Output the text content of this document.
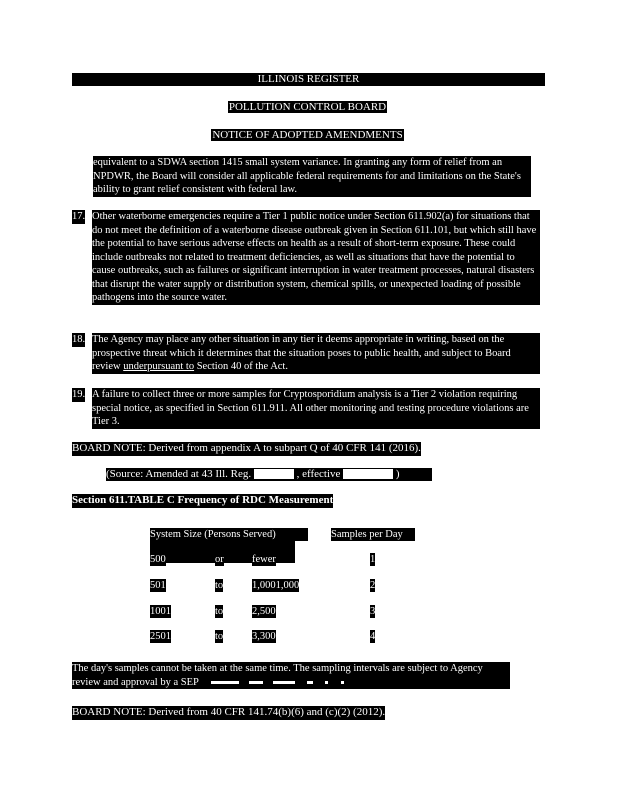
ILLINOIS REGISTER
POLLUTION CONTROL BOARD
NOTICE OF ADOPTED AMENDMENTS
equivalent to a SDWA section 1415 small system variance. In granting any form of relief from an NPDWR, the Board will consider all applicable federal requirements for and limitations on the State's ability to grant relief consistent with federal law.
17. Other waterborne emergencies require a Tier 1 public notice under Section 611.902(a) for situations that do not meet the definition of a waterborne disease outbreak given in Section 611.101, but which still have the potential to have serious adverse effects on health as a result of short-term exposure. These could include outbreaks not related to treatment deficiencies, as well as situations that have the potential to cause outbreaks, such as failures or significant interruption in water treatment processes, natural disasters that disrupt the water supply or distribution system, chemical spills, or unexpected loading of possible pathogens into the source water.
18. The Agency may place any other situation in any tier it deems appropriate in writing, based on the prospective threat which it determines that the situation poses to public health, and subject to Board review underpursuant to Section 40 of the Act.
19. A failure to collect three or more samples for Cryptosporidium analysis is a Tier 2 violation requiring special notice, as specified in Section 611.911. All other monitoring and testing procedure violations are Tier 3.
BOARD NOTE: Derived from appendix A to subpart Q of 40 CFR 141 (2016).
(Source: Amended at 43 Ill. Reg.	, effective	)
Section 611.TABLE C Frequency of RDC Measurement
System Size (Persons Served)	Samples per Day
500	or	fewer	1
501	to	1,0001,000	2
1001	to	2,500	3
2501	to	3,300	4
The day's samples cannot be taken at the same time. The sampling intervals are subject to Agency review and approval by a SEP
BOARD NOTE: Derived from 40 CFR 141.74(b)(6) and (c)(2) (2012).
